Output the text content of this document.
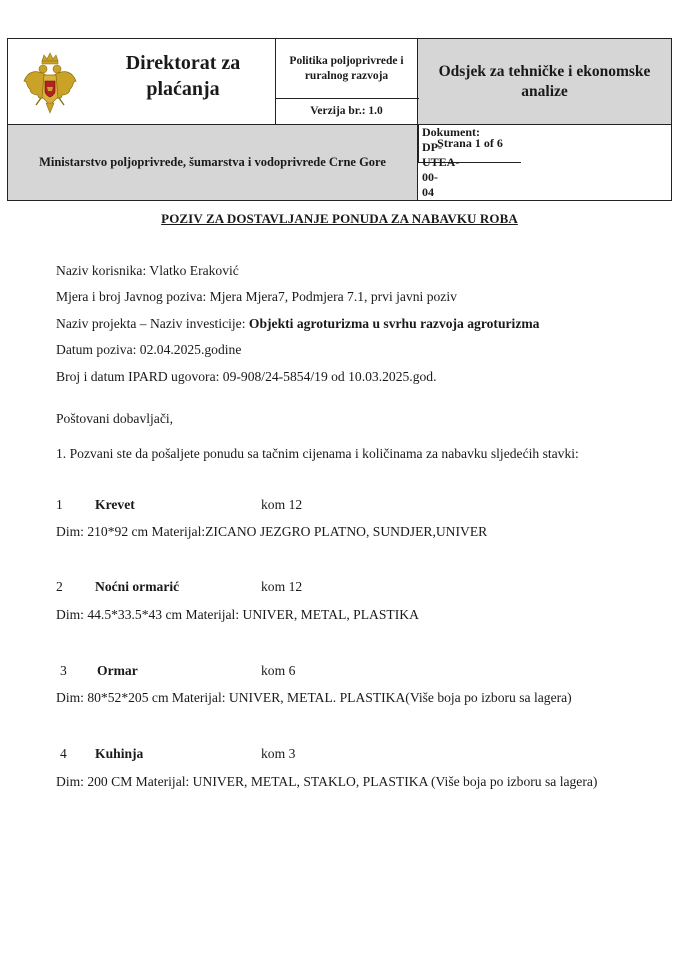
Direktorat za plaćanja	Politika poljoprivrede i ruralnog razvoja	Odsjek za tehničke i ekonomske analize
	Verzija br.: 1.0	
Ministarstvo poljoprivrede, šumarstva i vodoprivrede Crne Gore		Dokument: DP-UTEA-00-04	Strana 1 of 6
POZIV ZA DOSTAVLJANJE PONUDA ZA NABAVKU ROBA
Naziv korisnika: Vlatko Eraković
Mjera i broj Javnog poziva: Mjera Mjera7, Podmjera 7.1, prvi javni poziv
Naziv projekta – Naziv investicije: Objekti agroturizma u svrhu razvoja agroturizma
Datum poziva: 02.04.2025.godine
Broj i datum IPARD ugovora: 09-908/24-5854/19 od 10.03.2025.god.
Poštovani dobavljači,
1. Pozvani ste da pošaljete ponudu sa tačnim cijenama i količinama za nabavku sljedećih stavki:
1 Krevet	kom 12
Dim: 210*92 cm Materijal:ZICANO JEZGRO PLATNO, SUNDJER,UNIVER
2 Noćni ormarić	kom 12
Dim: 44.5*33.5*43 cm Materijal: UNIVER, METAL, PLASTIKA
3 Ormar	kom 6
Dim: 80*52*205 cm Materijal: UNIVER, METAL. PLASTIKA(Više boja po izboru sa lagera)
4 Kuhinja	kom 3
Dim: 200 CM Materijal: UNIVER, METAL, STAKLO, PLASTIKA (Više boja po izboru sa lagera)
